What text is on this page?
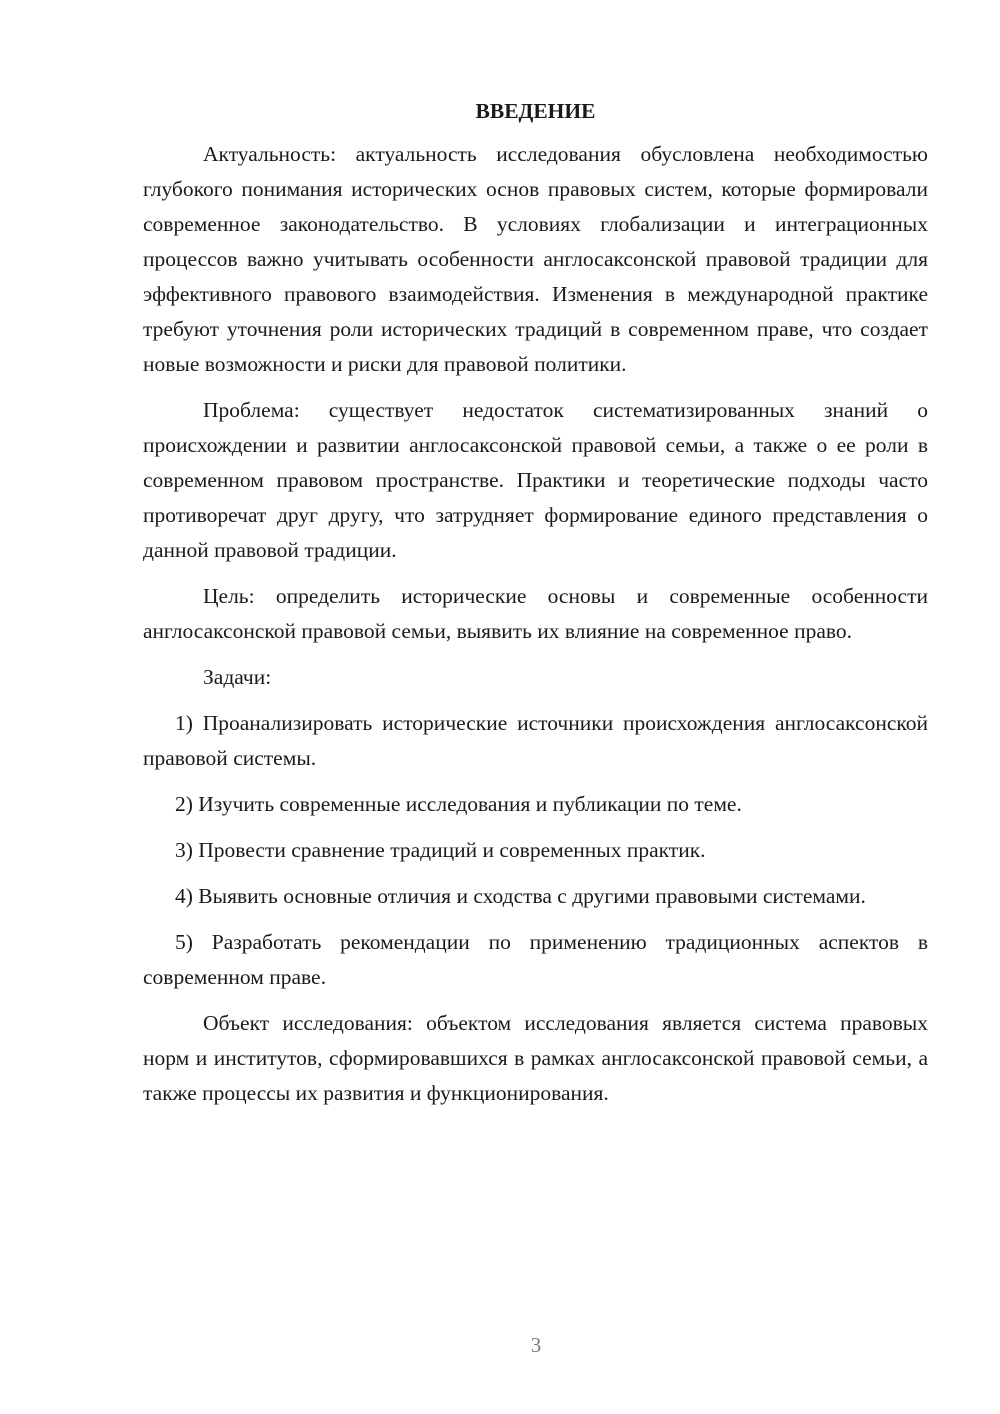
ВВЕДЕНИЕ

Актуальность: актуальность исследования обусловлена необходимостью глубокого понимания исторических основ правовых систем, которые формировали современное законодательство. В условиях глобализации и интеграционных процессов важно учитывать особенности англосаксонской правовой традиции для эффективного правового взаимодействия. Изменения в международной практике требуют уточнения роли исторических традиций в современном праве, что создает новые возможности и риски для правовой политики.

Проблема: существует недостаток систематизированных знаний о происхождении и развитии англосаксонской правовой семьи, а также о ее роли в современном правовом пространстве. Практики и теоретические подходы часто противоречат друг другу, что затрудняет формирование единого представления о данной правовой традиции.

Цель: определить исторические основы и современные особенности англосаксонской правовой семьи, выявить их влияние на современное право.

Задачи:

1) Проанализировать исторические источники происхождения англосаксонской правовой системы.

2) Изучить современные исследования и публикации по теме.

3) Провести сравнение традиций и современных практик.

4) Выявить основные отличия и сходства с другими правовыми системами.

5) Разработать рекомендации по применению традиционных аспектов в современном праве.

Объект исследования: объектом исследования является система правовых норм и институтов, сформировавшихся в рамках англосаксонской правовой семьи, а также процессы их развития и функционирования.

3
